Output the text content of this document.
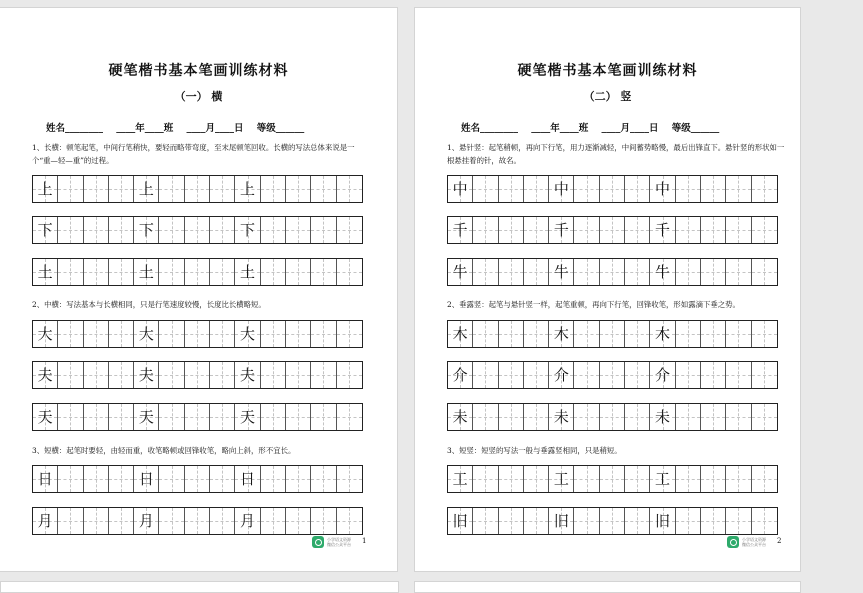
硬笔楷书基本笔画训练材料
（一） 横
姓名________    ____年____班    ____月____日    等级______
1、长横：顿笔起笔，中间行笔稍快，要轻而略带弯度，至末尾顿笔回收。长横的写法总体来说是一个“重—轻—重”的过程。
上	上	上
下	下	下
土	土	土
2、中横：写法基本与长横相同，只是行笔速度较慢，长度比长横略短。
大	大	大
夫	夫	夫
天	天	天
3、短横：起笔时要轻，由轻而重，收笔略顿或回锋收笔，略向上斜，形不宜长。
日	日	日
月	月	月
小学语文资源
微信公众平台 1
硬笔楷书基本笔画训练材料
（二） 竖
姓名________    ____年____班    ____月____日    等级______
1、悬针竖：起笔稍顿，再向下行笔，用力逐渐减轻，中间蓄势略慢，最后出锋直下。悬针竖的形状如一根悬挂着的针，故名。
中	中	中
千	千	千
牛	牛	牛
2、垂露竖：起笔与悬针竖一样，起笔重顿，再向下行笔，回锋收笔，形如露滴下垂之势。
木	木	木
介	介	介
未	未	未
3、短竖：短竖的写法一般与垂露竖相同，只是稍短。
工	工	工
旧	旧	旧
小学语文资源
微信公众平台 2
